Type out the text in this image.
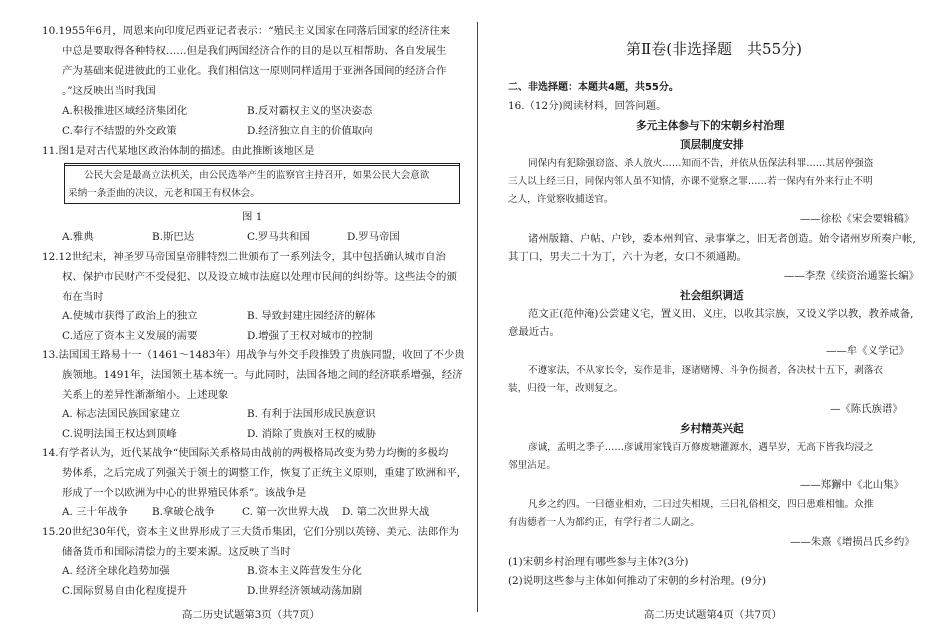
10.1955年6月，周恩来向印度尼西亚记者表示：“殖民主义国家在同落后国家的经济往来
中总是要取得各种特权……但是我们两国经济合作的目的是以互相帮助、各自发展生
产为基础来促进彼此的工业化。我们相信这一原则同样适用于亚洲各国间的经济合作
。”这反映出当时我国
A.积极推进区域经济集团化	B.反对霸权主义的坚决姿态
C.奉行不结盟的外交政策	D.经济独立自主的价值取向
11.图1是对古代某地区政治体制的描述。由此推断该地区是
公民大会是最高立法机关，由公民选举产生的监察官主持召开，如果公民大会意欲
采纳一条歪曲的决议，元老和国王有权休会。
图 1
A.雅典	B.斯巴达	C.罗马共和国	D.罗马帝国
12.12世纪末，神圣罗马帝国皇帝腓特烈二世颁布了一系列法令，其中包括确认城市自治
权、保护市民财产不受侵犯、以及设立城市法庭以处理市民间的纠纷等。这些法令的颁
布在当时
A.使城市获得了政治上的独立	B. 导致封建庄园经济的解体
C.适应了资本主义发展的需要	D.增强了王权对城市的控制
13.法国国王路易十一（1461～1483年）用战争与外交手段推毁了贵族同盟，收回了不少贵
族领地。1491年，法国领土基本统一。与此同时，法国各地之间的经济联系增强，经济
关系上的差异性渐渐缩小。上述现象
A. 标志法国民族国家建立	B. 有利于法国形成民族意识
C.说明法国王权达到顶峰	D. 消除了贵族对王权的威胁
14.有学者认为，近代某战争“使国际关系格局由战前的两极格局改变为势力均衡的多极均
势体系，之后完成了列强关于领土的调整工作，恢复了正统主义原则，重建了欧洲和平,
形成了一个以欧洲为中心的世界殖民体系”。该战争是
A. 三十年战争 B.拿破仑战争	C. 第一次世界大战 D. 第二次世界大战
15.20世纪30年代，资本主义世界形成了三大货币集团，它们分别以英镑、美元、法郎作为
储备货币和国际清偿力的主要来源。这反映了当时
A. 经济全球化趋势加强	B.资本主义阵营发生分化
C.国际贸易自由化程度提升	D.世界经济领域动荡加剧
高二历史试题第3页（共7页）
第Ⅱ卷(非选择题　共55分)
二、非选择题：本题共4题，共55分。
16.（12分)阅读材料，回答问题。
多元主体参与下的宋朝乡村治理
顶层制度安排
同保内有犯除强窃盗、杀人放火……知而不告，并依从伍保法科罪……其居停强盗
三人以上经三日，同保内邻人虽不知情，亦课不觉察之罪……若一保内有外来行止不明
之人，许觉察收捕送官。
——徐松《宋会要辑稿》
诸州版籍、户帖、户钞，委本州判官、录事掌之，旧无者创造。始令诸州岁所奏户帐,
其丁口，男夫二十为丁，六十为老，女口不须通勘。
——李焘《续资治通鉴长编》
社会组织调适
范文正(范仲淹)公尝建义宅，置义田、义庄，以收其宗族，又设义学以教，教养咸备,
意最近古。
——牟《义学记》
不遵家法，不从家长令，妄作是非，逐诸赌博、斗争伤损者，各决杖十五下，剥落衣
装，归役一年，改则复之。
—《陈氏族谱》
乡村精英兴起
彦诚，孟明之季子……彦诚用家钱百万修废塘灌源水，遇旱岁，无高下皆我均浸之
邻里沾足。
——郑獬中《北山集》
凡乡之约四。一曰德业相劝，二曰过失相规，三曰礼俗相交，四曰患难相恤。众推
有齿德者一人为都约正，有学行者二人副之。
——朱熹《增损吕氏乡约》
(1)宋朝乡村治理有哪些参与主体?(3分)
(2)说明这些参与主体如何推动了宋朝的乡村治理。(9分)
高二历史试题第4页（共7页）
